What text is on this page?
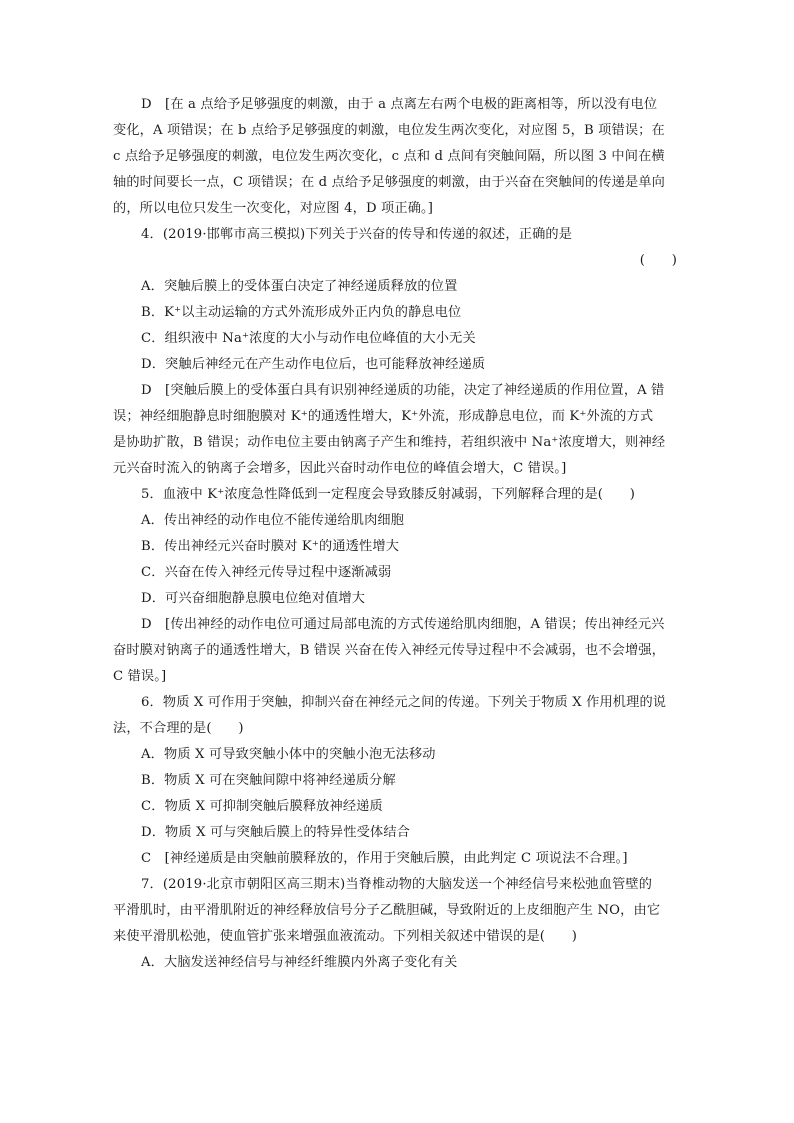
D　[在 a 点给予足够强度的刺激，由于 a 点离左右两个电极的距离相等，所以没有电位
变化，A 项错误；在 b 点给予足够强度的刺激，电位发生两次变化，对应图 5，B 项错误；在
c 点给予足够强度的刺激，电位发生两次变化，c 点和 d 点间有突触间隔，所以图 3 中间在横
轴的时间要长一点，C 项错误；在 d 点给予足够强度的刺激，由于兴奋在突触间的传递是单向
的，所以电位只发生一次变化，对应图 4，D 项正确。]
4．(2019·邯郸市高三模拟)下列关于兴奋的传导和传递的叙述，正确的是
(　　)
A．突触后膜上的受体蛋白决定了神经递质释放的位置
B．K⁺以主动运输的方式外流形成外正内负的静息电位
C．组织液中 Na⁺浓度的大小与动作电位峰值的大小无关
D．突触后神经元在产生动作电位后，也可能释放神经递质
D　[突触后膜上的受体蛋白具有识别神经递质的功能，决定了神经递质的作用位置，A 错
误；神经细胞静息时细胞膜对 K⁺的通透性增大，K⁺外流，形成静息电位，而 K⁺外流的方式
是协助扩散，B 错误；动作电位主要由钠离子产生和维持，若组织液中 Na⁺浓度增大，则神经
元兴奋时流入的钠离子会增多，因此兴奋时动作电位的峰值会增大，C 错误。]
5．血液中 K⁺浓度急性降低到一定程度会导致膝反射减弱，下列解释合理的是(　　)
A．传出神经的动作电位不能传递给肌肉细胞
B．传出神经元兴奋时膜对 K⁺的通透性增大
C．兴奋在传入神经元传导过程中逐渐减弱
D．可兴奋细胞静息膜电位绝对值增大
D　[传出神经的动作电位可通过局部电流的方式传递给肌肉细胞，A 错误；传出神经元兴
奋时膜对钠离子的通透性增大，B 错误 兴奋在传入神经元传导过程中不会减弱，也不会增强，
C 错误。]
6．物质 X 可作用于突触，抑制兴奋在神经元之间的传递。下列关于物质 X 作用机理的说
法，不合理的是(　　)
A．物质 X 可导致突触小体中的突触小泡无法移动
B．物质 X 可在突触间隙中将神经递质分解
C．物质 X 可抑制突触后膜释放神经递质
D．物质 X 可与突触后膜上的特异性受体结合
C　[神经递质是由突触前膜释放的，作用于突触后膜，由此判定 C 项说法不合理。]
7．(2019·北京市朝阳区高三期末)当脊椎动物的大脑发送一个神经信号来松弛血管壁的
平滑肌时，由平滑肌附近的神经释放信号分子乙酰胆碱，导致附近的上皮细胞产生 NO，由它
来使平滑肌松弛，使血管扩张来增强血液流动。下列相关叙述中错误的是(　　)
A．大脑发送神经信号与神经纤维膜内外离子变化有关
